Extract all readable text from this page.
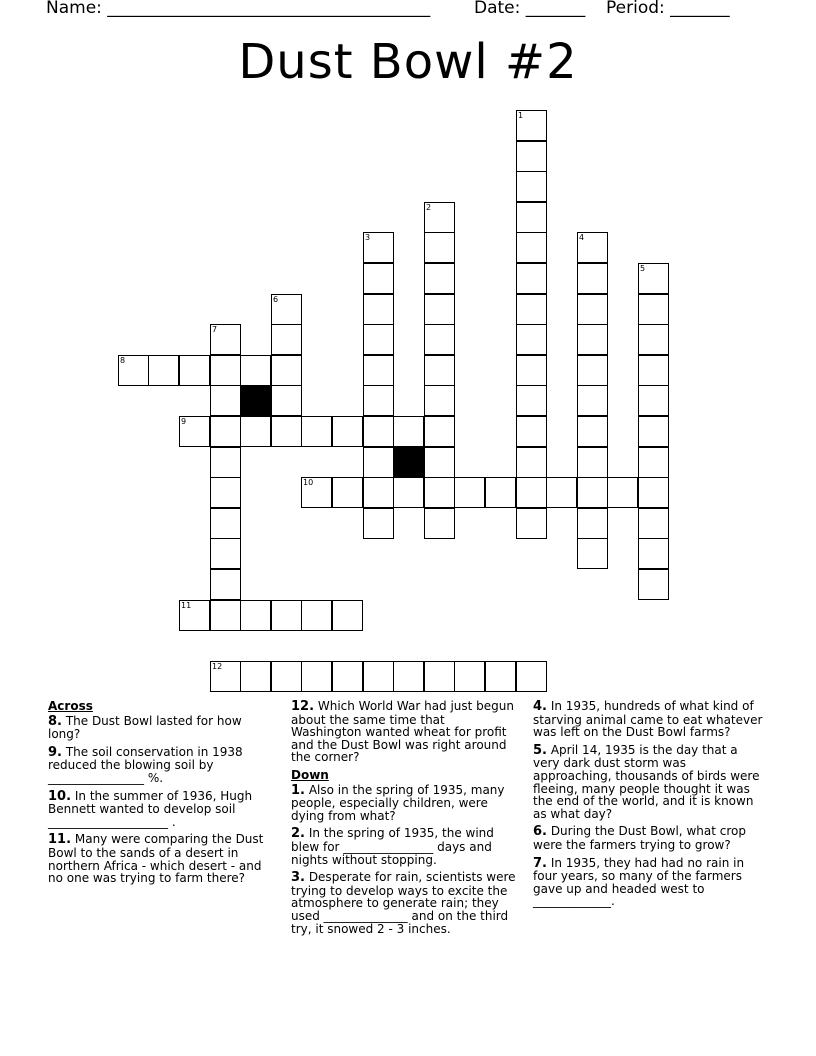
Name: ______________________________________	Date: _______ Period: _______
Dust Bowl #2
1
2
3	4
5
6
7
8
9
10
11
12
Across
8. The Dust Bowl lasted for how long?
9. The soil conservation in 1938 reduced the blowing soil by ________________ %.
10. In the summer of 1936, Hugh Bennett wanted to develop soil ____________________ .
11. Many were comparing the Dust Bowl to the sands of a desert in northern Africa - which desert - and no one was trying to farm there?
12. Which World War had just begun about the same time that Washington wanted wheat for profit and the Dust Bowl was right around the corner?
Down
1. Also in the spring of 1935, many people, especially children, were dying from what?
2. In the spring of 1935, the wind blew for _______________ days and nights without stopping.
3. Desperate for rain, scientists were trying to develop ways to excite the atmosphere to generate rain; they used ______________ and on the third try, it snowed 2 - 3 inches.
4. In 1935, hundreds of what kind of starving animal came to eat whatever was left on the Dust Bowl farms?
5. April 14, 1935 is the day that a very dark dust storm was approaching, thousands of birds were fleeing, many people thought it was the end of the world, and it is known as what day?
6. During the Dust Bowl, what crop were the farmers trying to grow?
7. In 1935, they had had no rain in four years, so many of the farmers gave up and headed west to _____________.
